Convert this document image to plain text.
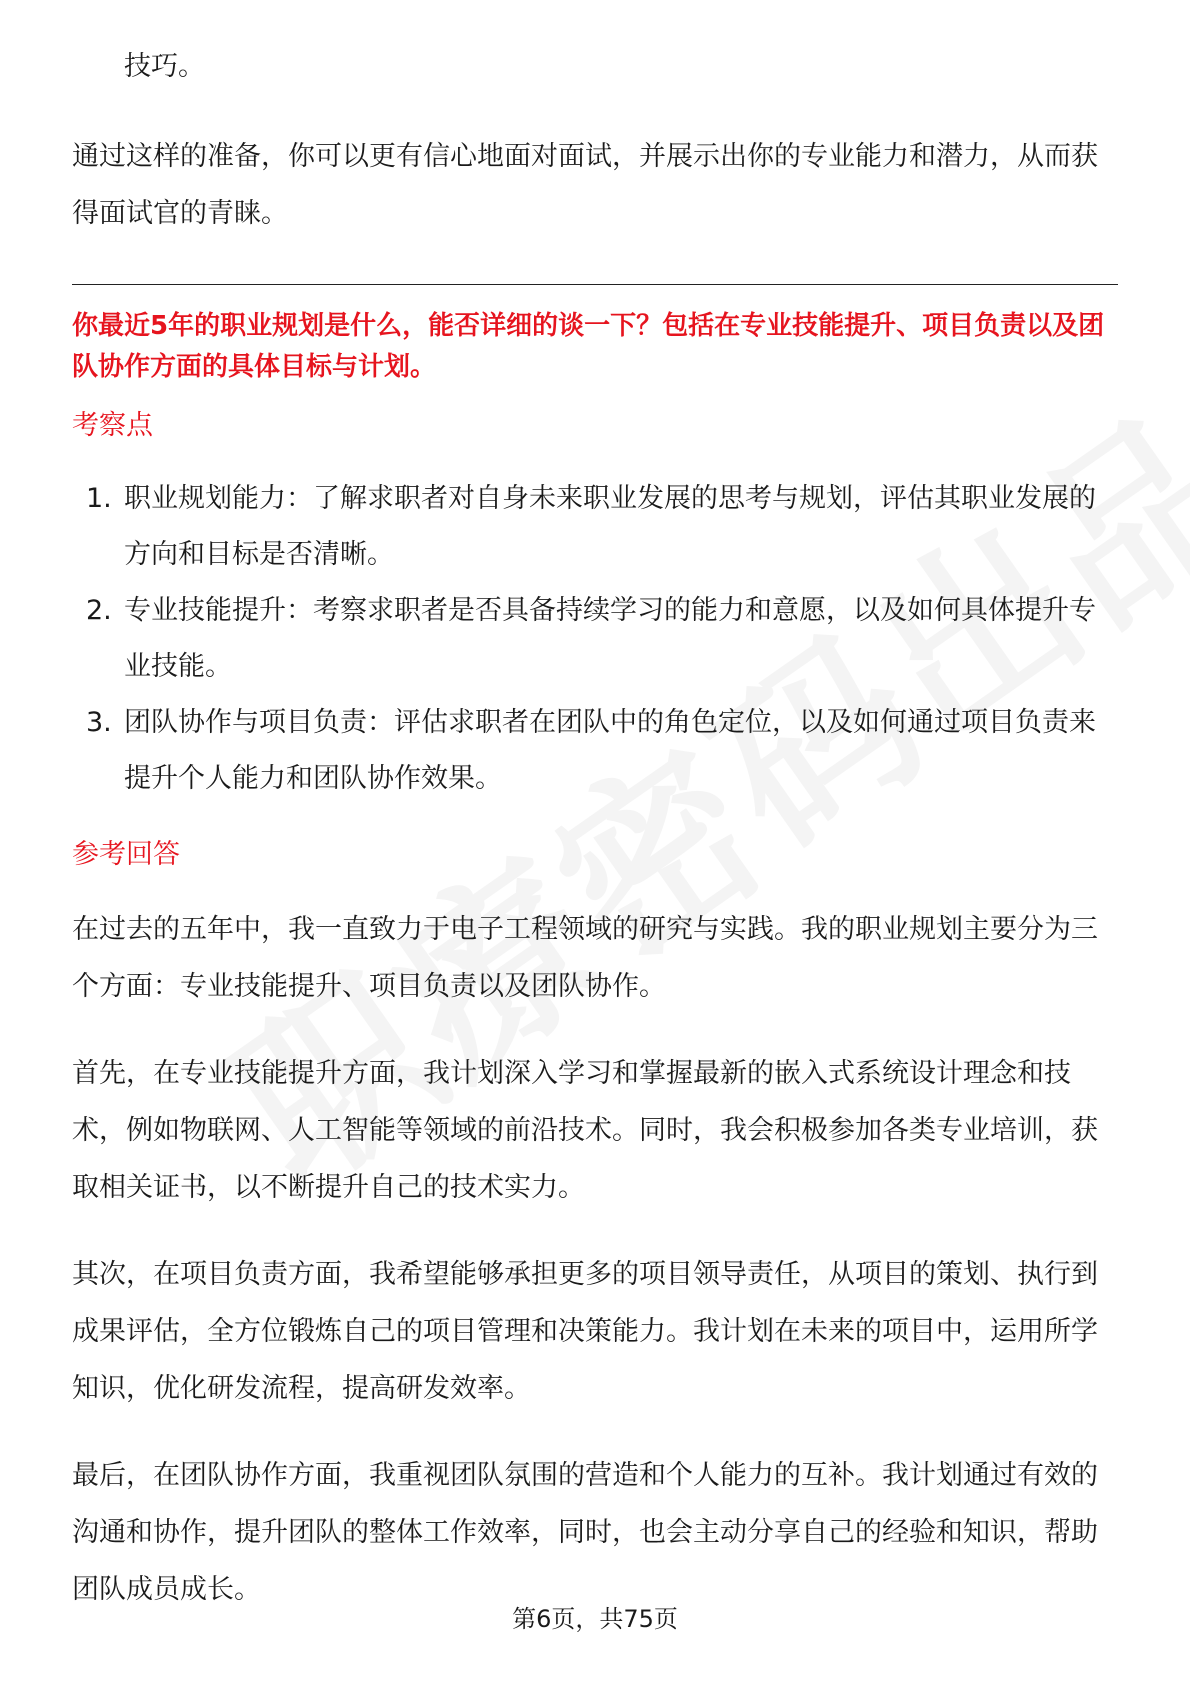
技巧。

通过这样的准备，你可以更有信心地面对面试，并展示出你的专业能力和潜力，从而获得面试官的青睐。

你最近5年的职业规划是什么，能否详细的谈一下？包括在专业技能提升、项目负责以及团队协作方面的具体目标与计划。

考察点

1. 职业规划能力：了解求职者对自身未来职业发展的思考与规划，评估其职业发展的方向和目标是否清晰。
2. 专业技能提升：考察求职者是否具备持续学习的能力和意愿，以及如何具体提升专业技能。
3. 团队协作与项目负责：评估求职者在团队中的角色定位，以及如何通过项目负责来提升个人能力和团队协作效果。

参考回答

在过去的五年中，我一直致力于电子工程领域的研究与实践。我的职业规划主要分为三个方面：专业技能提升、项目负责以及团队协作。

首先，在专业技能提升方面，我计划深入学习和掌握最新的嵌入式系统设计理念和技术，例如物联网、人工智能等领域的前沿技术。同时，我会积极参加各类专业培训，获取相关证书，以不断提升自己的技术实力。

其次，在项目负责方面，我希望能够承担更多的项目领导责任，从项目的策划、执行到成果评估，全方位锻炼自己的项目管理和决策能力。我计划在未来的项目中，运用所学知识，优化研发流程，提高研发效率。

最后，在团队协作方面，我重视团队氛围的营造和个人能力的互补。我计划通过有效的沟通和协作，提升团队的整体工作效率，同时，也会主动分享自己的经验和知识，帮助团队成员成长。

第6页，共75页
